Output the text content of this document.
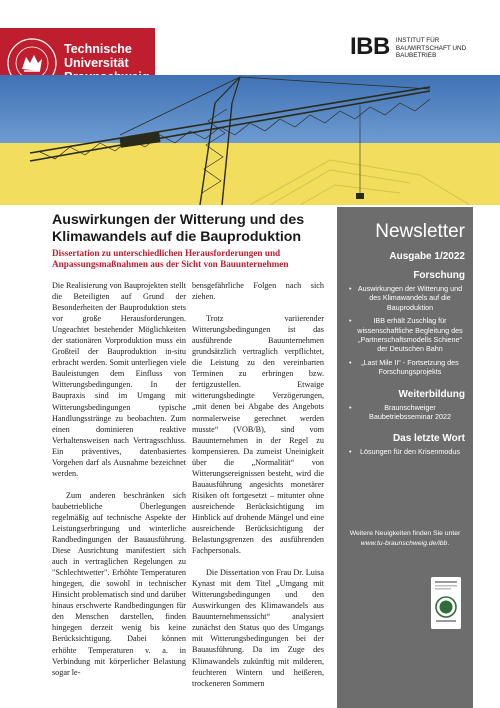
Technische
Universität
IBB INSTITUT FÜR
BAUWIRTSCHAFT UND
BAUBETRIEB
Auswirkungen der Witterung und des Klimawandels auf die Bauproduktion
Dissertation zu unterschiedlichen Herausforderungen und Anpassungsmaßnahmen aus der Sicht von Bauunternehmen

Die Realisierung von Bauprojekten stellt die Beteiligten auf Grund der Besonderheiten der Bauproduktion stets vor große Herausforderungen. Ungeachtet bestehender Möglichkeiten der stationären Vorproduktion muss ein Großteil der Bauproduktion in-situ erbracht werden. Somit unterliegen viele Bauleistungen dem Einfluss von Witterungsbedingungen. In der Baupraxis sind im Umgang mit Witterungsbedingungen typische Handlungsstränge zu beobachten. Zum einen dominieren reaktive Verhaltensweisen nach Vertragsschluss. Ein präventives, datenbasiertes Vorgehen darf als Ausnahme bezeichnet werden.

Zum anderen beschränken sich baubetriebliche Überlegungen regelmäßig auf technische Aspekte der Leistungserbringung und winterliche Randbedingungen der Bauausführung. Diese Ausrichtung manifestiert sich auch in vertraglichen Regelungen zu "Schlechtwetter". Erhöhte Temperaturen hingegen, die sowohl in technischer Hinsicht problematisch sind und darüber hinaus erschwerte Randbedingungen für den Menschen darstellen, finden hingegen derzeit wenig bis keine Berücksichtigung. Dabei können erhöhte Temperaturen v. a. in Verbindung mit körperlicher Belastung sogar le-

bensgefährliche Folgen nach sich ziehen.

Trotz variierender Witterungsbedingungen ist das ausführende Bauunternehmen grundsätzlich vertraglich verpflichtet, die Leistung zu den vereinbarten Terminen zu erbringen bzw. fertigzustellen. Etwaige witterungsbedingte Verzögerungen, „mit denen bei Abgabe des Angebots normalerweise gerechnet werden musste“ (VOB/B), sind vom Bauunternehmen in der Regel zu kompensieren. Da zumeist Uneinigkeit über die „Normalität“ von Witterungsereignissen besteht, wird die Bauausführung angesichts monetärer Risiken oft fortgesetzt – mitunter ohne ausreichende Berücksichtigung im Hinblick auf drohende Mängel und eine ausreichende Berücksichtigung der Belastungsgrenzen des ausführenden Fachpersonals.

Die Dissertation von Frau Dr. Luisa Kynast mit dem Titel „Umgang mit Witterungsbedingungen und den Auswirkungen des Klimawandels aus Bauunternehmenssicht“ analysiert zunächst den Status quo des Umgangs mit Witterungsbedingungen bei der Bauausführung. Da im Zuge des Klimawandels zukünftig mit milderen, feuchteren Wintern und heißeren, trockeneren Sommern

Newsletter
Ausgabe 1/2022
Forschung
• Auswirkungen der Witterung und des Klimawandels auf die Bauproduktion
•	IBB erhält Zuschlag für wissenschaftliche Begleitung des „Partnerschaftsmodells Schiene“ der Deutschen Bahn
• „Last Mile II“ - Fortsetzung des Forschungsprojekts
Weiterbildung
•	Braunschweiger Baubetriebsseminar 2022
Das letzte Wort
• Lösungen für den Krisenmodus
Weitere Neuigkeiten finden Sie unter
www.tu-braunschweig.de/ibb.
